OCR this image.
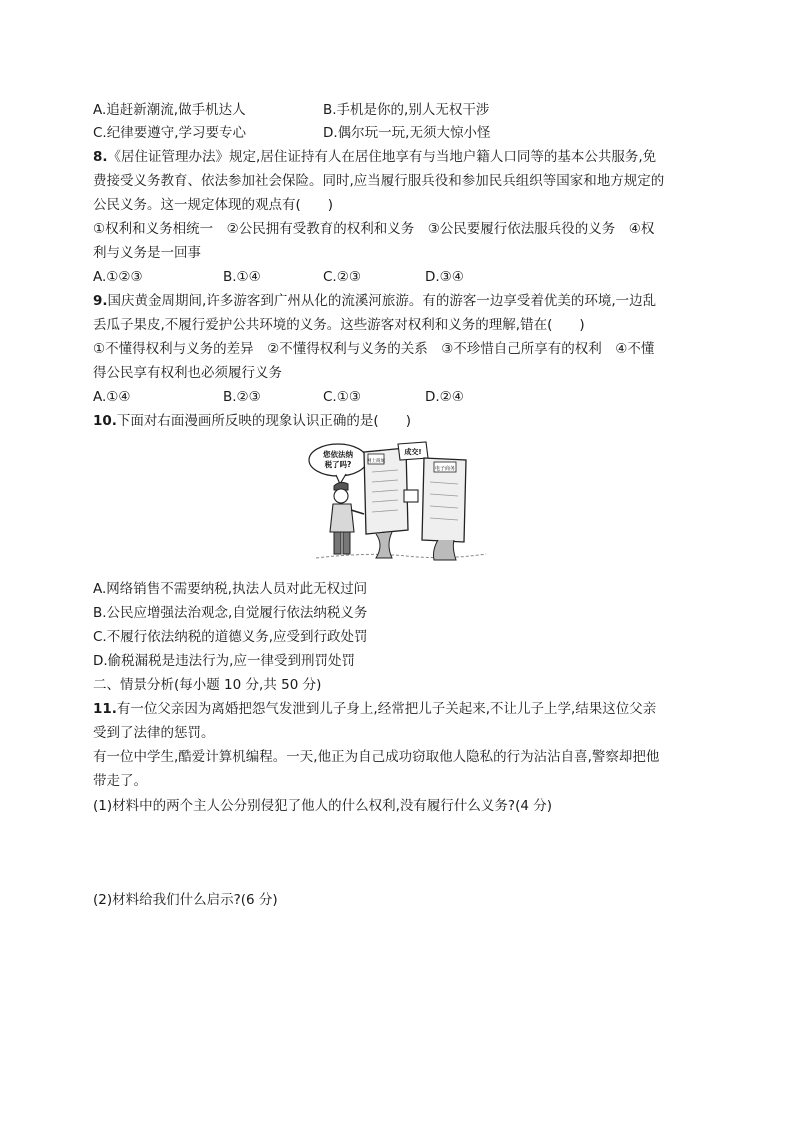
A.追赶新潮流,做手机达人	B.手机是你的,别人无权干涉
C.纪律要遵守,学习要专心	D.偶尔玩一玩,无须大惊小怪
8.《居住证管理办法》规定,居住证持有人在居住地享有与当地户籍人口同等的基本公共服务,免
费接受义务教育、依法参加社会保险。同时,应当履行服兵役和参加民兵组织等国家和地方规定的
公民义务。这一规定体现的观点有(　　)
①权利和义务相统一　②公民拥有受教育的权利和义务　③公民要履行依法服兵役的义务　④权
利与义务是一回事
A.①②③	B.①④	C.②③	D.③④
9.国庆黄金周期间,许多游客到广州从化的流溪河旅游。有的游客一边享受着优美的环境,一边乱
丢瓜子果皮,不履行爱护公共环境的义务。这些游客对权利和义务的理解,错在(　　)
①不懂得权利与义务的差异　②不懂得权利与义务的关系　③不珍惜自己所享有的权利　④不懂
得公民享有权利也必须履行义务
A.①④	B.②③	C.①③	D.②④
10.下面对右面漫画所反映的现象认识正确的是(　　)
您依法纳
税了吗?	网上商城
成交!
电子商务
A.网络销售不需要纳税,执法人员对此无权过问
B.公民应增强法治观念,自觉履行依法纳税义务
C.不履行依法纳税的道德义务,应受到行政处罚
D.偷税漏税是违法行为,应一律受到刑罚处罚
二、情景分析(每小题 10 分,共 50 分)
11.有一位父亲因为离婚把怨气发泄到儿子身上,经常把儿子关起来,不让儿子上学,结果这位父亲
受到了法律的惩罚。
有一位中学生,酷爱计算机编程。一天,他正为自己成功窃取他人隐私的行为沾沾自喜,警察却把他
带走了。
(1)材料中的两个主人公分别侵犯了他人的什么权利,没有履行什么义务?(4 分)
(2)材料给我们什么启示?(6 分)
